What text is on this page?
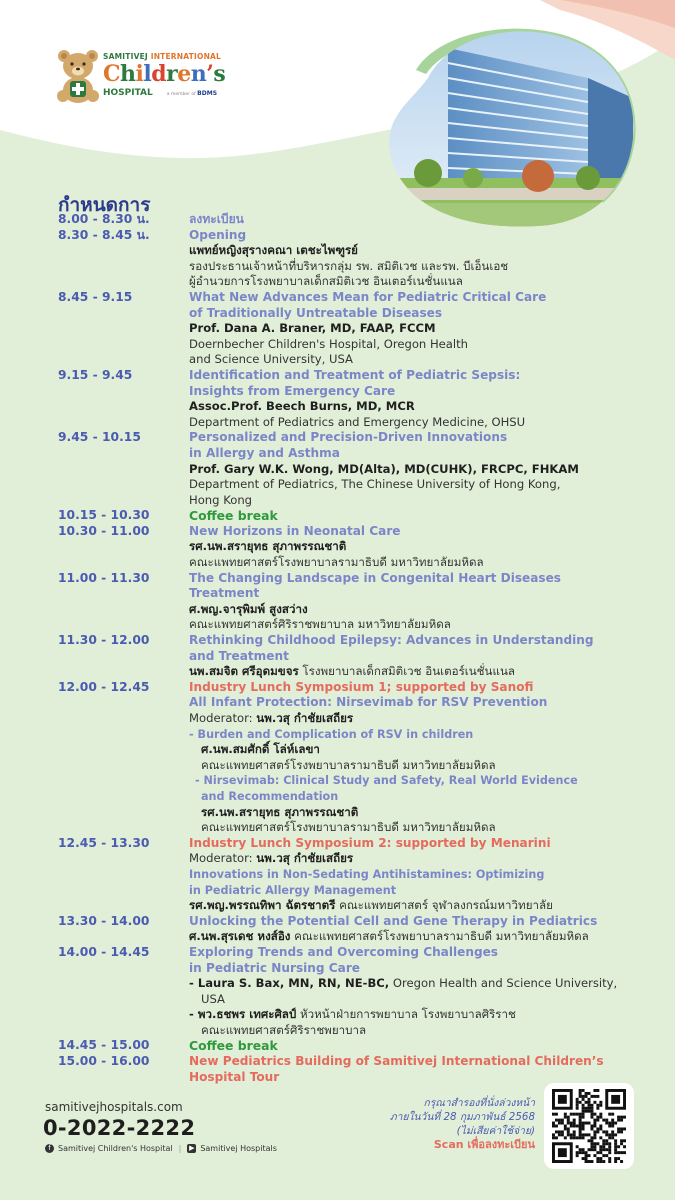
SAMITIVEJ INTERNATIONAL
Children’s
HOSPITAL	a member of BDMS
กำหนดการ
8.00 - 8.30 น.	ลงทะเบียน
8.30 - 8.45 น.	Opening
แพทย์หญิงสุรางคณา เตชะไพฑูรย์
รองประธานเจ้าหน้าที่บริหารกลุ่ม รพ. สมิติเวช และรพ. บีเอ็นเอช
ผู้อำนวยการโรงพยาบาลเด็กสมิติเวช อินเตอร์เนชั่นแนล
8.45 - 9.15	What New Advances Mean for Pediatric Critical Care
of Traditionally Untreatable Diseases
Prof. Dana A. Braner, MD, FAAP, FCCM
Doernbecher Children's Hospital, Oregon Health
and Science University, USA
9.15 - 9.45	Identification and Treatment of Pediatric Sepsis:
Insights from Emergency Care
Assoc.Prof. Beech Burns, MD, MCR
Department of Pediatrics and Emergency Medicine, OHSU
9.45 - 10.15	Personalized and Precision-Driven Innovations
in Allergy and Asthma
Prof. Gary W.K. Wong, MD(Alta), MD(CUHK), FRCPC, FHKAM
Department of Pediatrics, The Chinese University of Hong Kong,
Hong Kong
10.15 - 10.30	Coffee break
10.30 - 11.00	New Horizons in Neonatal Care
รศ.นพ.สรายุทธ สุภาพรรณชาติ
คณะแพทยศาสตร์โรงพยาบาลรามาธิบดี มหาวิทยาลัยมหิดล
11.00 - 11.30	The Changing Landscape in Congenital Heart Diseases
Treatment
ศ.พญ.จารุพิมพ์ สูงสว่าง
คณะแพทยศาสตร์ศิริราชพยาบาล มหาวิทยาลัยมหิดล
11.30 - 12.00	Rethinking Childhood Epilepsy: Advances in Understanding
and Treatment
นพ.สมจิต ศรีอุดมขจร โรงพยาบาลเด็กสมิติเวช อินเตอร์เนชั่นแนล
12.00 - 12.45	Industry Lunch Symposium 1; supported by Sanofi
All Infant Protection: Nirsevimab for RSV Prevention
Moderator: นพ.วสุ กำชัยเสถียร
- Burden and Complication of RSV in children
ศ.นพ.สมศักดิ์ โล่ห์เลขา
คณะแพทยศาสตร์โรงพยาบาลรามาธิบดี มหาวิทยาลัยมหิดล
- Nirsevimab: Clinical Study and Safety, Real World Evidence
and Recommendation
รศ.นพ.สรายุทธ สุภาพรรณชาติ
คณะแพทยศาสตร์โรงพยาบาลรามาธิบดี มหาวิทยาลัยมหิดล
12.45 - 13.30	Industry Lunch Symposium 2: supported by Menarini
Moderator: นพ.วสุ กำชัยเสถียร
Innovations in Non-Sedating Antihistamines: Optimizing
in Pediatric Allergy Management
รศ.พญ.พรรณทิพา ฉัตรชาตรี คณะแพทยศาสตร์ จุฬาลงกรณ์มหาวิทยาลัย
13.30 - 14.00	Unlocking the Potential Cell and Gene Therapy in Pediatrics
ศ.นพ.สุรเดช หงส์อิง คณะแพทยศาสตร์โรงพยาบาลรามาธิบดี มหาวิทยาลัยมหิดล
14.00 - 14.45	Exploring Trends and Overcoming Challenges
in Pediatric Nursing Care
- Laura S. Bax, MN, RN, NE-BC, Oregon Health and Science University,
USA
- พว.ธชพร เทศะศิลป์ หัวหน้าฝ่ายการพยาบาล โรงพยาบาลศิริราช
คณะแพทยศาสตร์ศิริราชพยาบาล
14.45 - 15.00	Coffee break
15.00 - 16.00	New Pediatrics Building of Samitivej International Children’s
Hospital Tour
samitivejhospitals.com
0-2022-2222
f Samitivej Children's Hospital | ▶ Samitivej Hospitals
กรุณาสำรองที่นั่งล่วงหน้า
ภายในวันที่ 28 กุมภาพันธ์ 2568
(ไม่เสียค่าใช้จ่าย)
Scan เพื่อลงทะเบียน
